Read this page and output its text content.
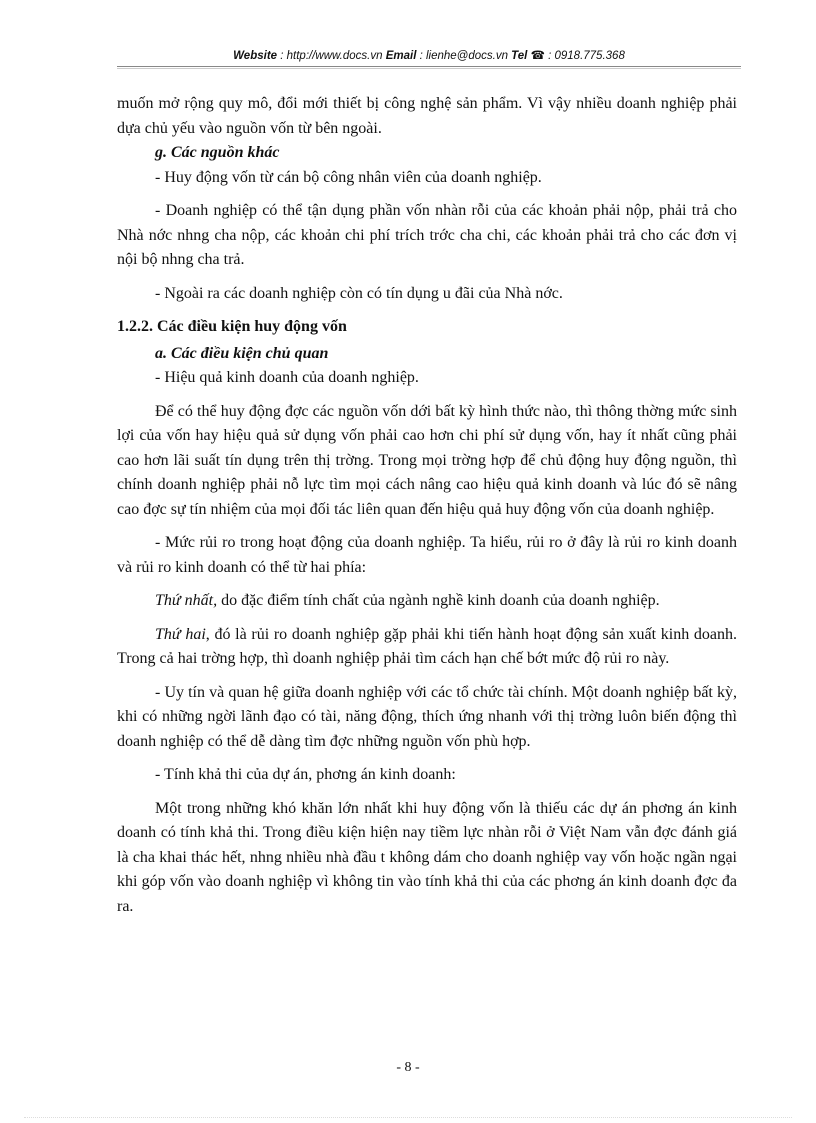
Website : http://www.docs.vn Email : lienhe@docs.vn Tel ☎ : 0918.775.368

muốn mở rộng quy mô, đổi mới thiết bị công nghệ sản phẩm. Vì vậy nhiều doanh nghiệp phải dựa chủ yếu vào nguồn vốn từ bên ngoài.

g. Các nguồn khác

- Huy động vốn từ cán bộ công nhân viên của doanh nghiệp.

- Doanh nghiệp có thể tận dụng phần vốn nhàn rỗi của các khoản phải nộp, phải trả cho Nhà nớc nhng cha nộp, các khoản chi phí trích trớc cha chi, các khoản phải trả cho các đơn vị nội bộ nhng cha trả.

- Ngoài ra các doanh nghiệp còn có tín dụng u đãi của Nhà nớc.

1.2.2. Các điều kiện huy động vốn

a. Các điều kiện chủ quan

- Hiệu quả kinh doanh của doanh nghiệp.

Để có thể huy động đợc các nguồn vốn dới bất kỳ hình thức nào, thì thông thờng mức sinh lợi của vốn hay hiệu quả sử dụng vốn phải cao hơn chi phí sử dụng vốn, hay ít nhất cũng phải cao hơn lãi suất tín dụng trên thị trờng. Trong mọi trờng hợp để chủ động huy động nguồn, thì chính doanh nghiệp phải nỗ lực tìm mọi cách nâng cao hiệu quả kinh doanh và lúc đó sẽ nâng cao đợc sự tín nhiệm của mọi đối tác liên quan đến hiệu quả huy động vốn của doanh nghiệp.

- Mức rủi ro trong hoạt động của doanh nghiệp. Ta hiểu, rủi ro ở đây là rủi ro kinh doanh và rủi ro kinh doanh có thể từ hai phía:

Thứ nhất, do đặc điểm tính chất của ngành nghề kinh doanh của doanh nghiệp.

Thứ hai, đó là rủi ro doanh nghiệp gặp phải khi tiến hành hoạt động sản xuất kinh doanh. Trong cả hai trờng hợp, thì doanh nghiệp phải tìm cách hạn chế bớt mức độ rủi ro này.

- Uy tín và quan hệ giữa doanh nghiệp với các tổ chức tài chính. Một doanh nghiệp bất kỳ, khi có những ngời lãnh đạo có tài, năng động, thích ứng nhanh với thị trờng luôn biến động thì doanh nghiệp có thể dễ dàng tìm đợc những nguồn vốn phù hợp.

- Tính khả thi của dự án, phơng án kinh doanh:

Một trong những khó khăn lớn nhất khi huy động vốn là thiếu các dự án phơng án kinh doanh có tính khả thi. Trong điều kiện hiện nay tiềm lực nhàn rỗi ở Việt Nam vẫn đợc đánh giá là cha khai thác hết, nhng nhiều nhà đầu t không dám cho doanh nghiệp vay vốn hoặc ngần ngại khi góp vốn vào doanh nghiệp vì không tin vào tính khả thi của các phơng án kinh doanh đợc đa ra.

- 8 -
